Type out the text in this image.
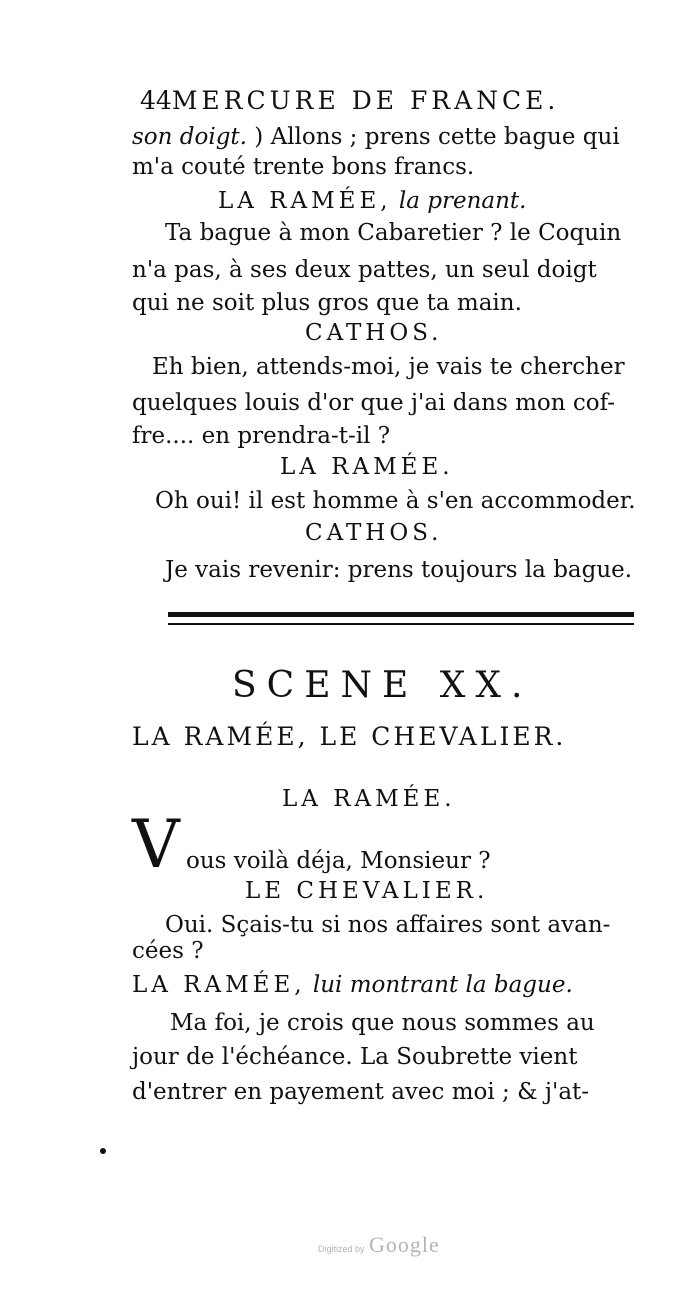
44MERCURE DE FRANCE.
son doigt. ) Allons ; prens cette bague qui
m'a couté trente bons francs.
LA RAMÉE, la prenant.
Ta bague à mon Cabaretier ? le Coquin
n'a pas, à ses deux pattes, un seul doigt
qui ne soit plus gros que ta main.
CATHOS.
Eh bien, attends-moi, je vais te chercher
quelques louis d'or que j'ai dans mon cof-
fre.... en prendra-t-il ?
LA RAMÉE.
Oh oui! il est homme à s'en accommoder.
CATHOS.
Je vais revenir: prens toujours la bague.
SCENE XX.
LA RAMÉE, LE CHEVALIER.
LA RAMÉE.
V ous voilà déja, Monsieur ?
LE CHEVALIER.
Oui. Sçais-tu si nos affaires sont avan-
cées ?
LA RAMÉE, lui montrant la bague.
Ma foi, je crois que nous sommes au
jour de l'échéance. La Soubrette vient
d'entrer en payement avec moi ; & j'at-
Digitized by Google
